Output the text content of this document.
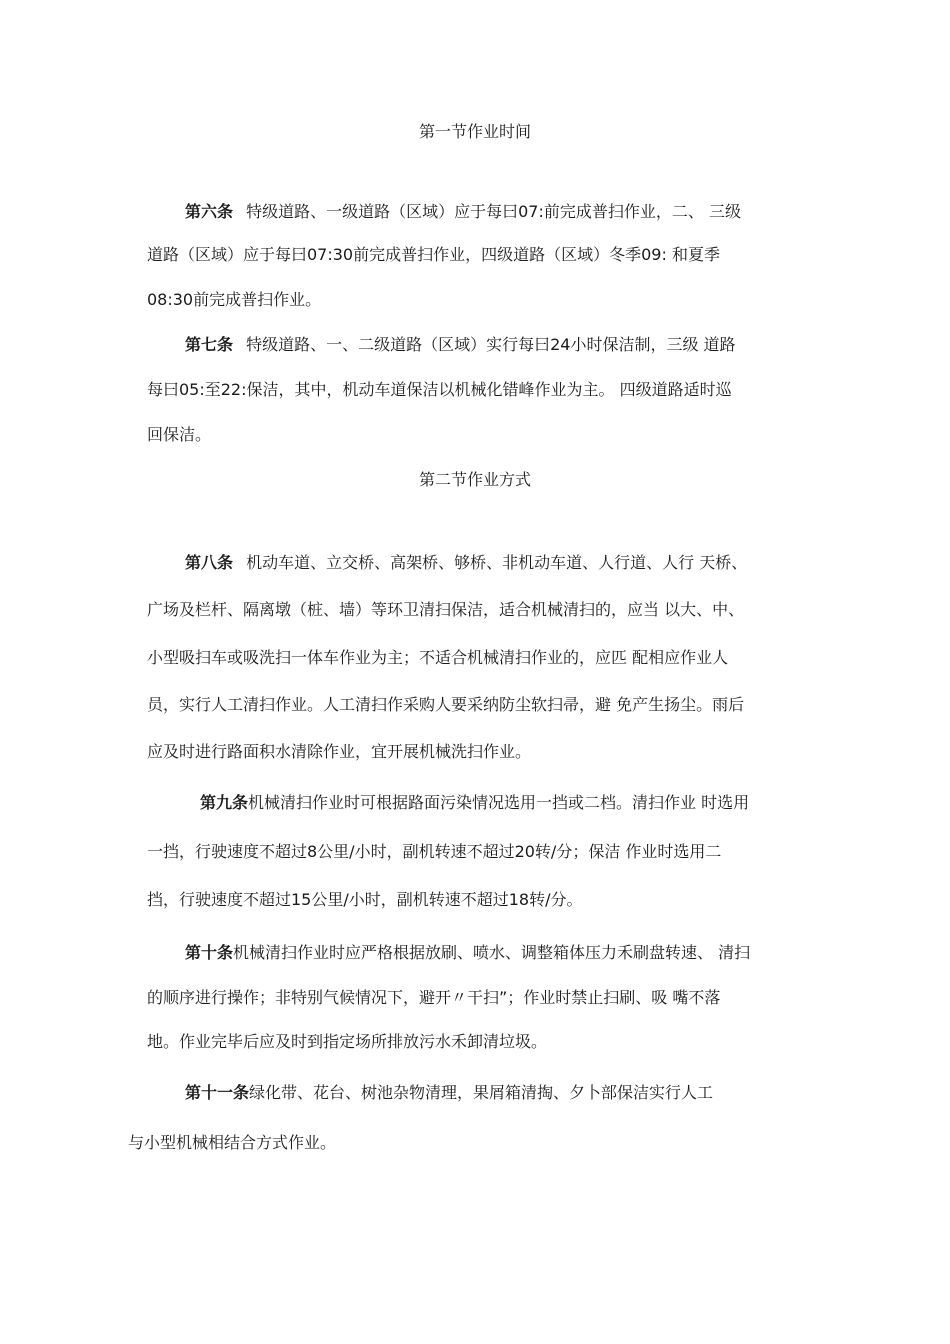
第一节作业时间
第六条 特级道路、一级道路（区域）应于每曰07:前完成普扫作业，二、 三级
道路（区域）应于每曰07:30前完成普扫作业，四级道路（区域）冬季09: 和夏季
08:30前完成普扫作业。
第七条 特级道路、一、二级道路（区域）实行每曰24小时保洁制，三级 道路
每曰05:至22:保洁，其中，机动车道保洁以机械化错峰作业为主。 四级道路适时巡
回保洁。
第二节作业方式
第八条 机动车道、立交桥、高架桥、够桥、非机动车道、人行道、人行 天桥、
广场及栏杆、隔离墩（桩、墙）等环卫清扫保洁，适合机械清扫的，应当 以大、中、
小型吸扫车或吸洗扫一体车作业为主；不适合机械清扫作业的，应匹 配相应作业人
员，实行人工清扫作业。人工清扫作采购人要采纳防尘软扫帚，避 免产生扬尘。雨后
应及时进行路面积水清除作业，宜开展机械洗扫作业。
第九条机械清扫作业时可根据路面污染情况选用一挡或二档。清扫作业 时选用
一挡，行驶速度不超过8公里/小时，副机转速不超过20转/分；保洁 作业时选用二
挡，行驶速度不超过15公里/小时，副机转速不超过18转/分。
第十条机械清扫作业时应严格根据放刷、喷水、调整箱体压力禾刷盘转速、 清扫
的顺序进行操作；非特别气候情况下，避开〃干扫”；作业时禁止扫刷、吸 嘴不落
地。作业完毕后应及时到指定场所排放污水禾卸清垃圾。
第十一条绿化带、花台、树池杂物清理，果屑箱清掏、夕卜部保洁实行人工
与小型机械相结合方式作业。
